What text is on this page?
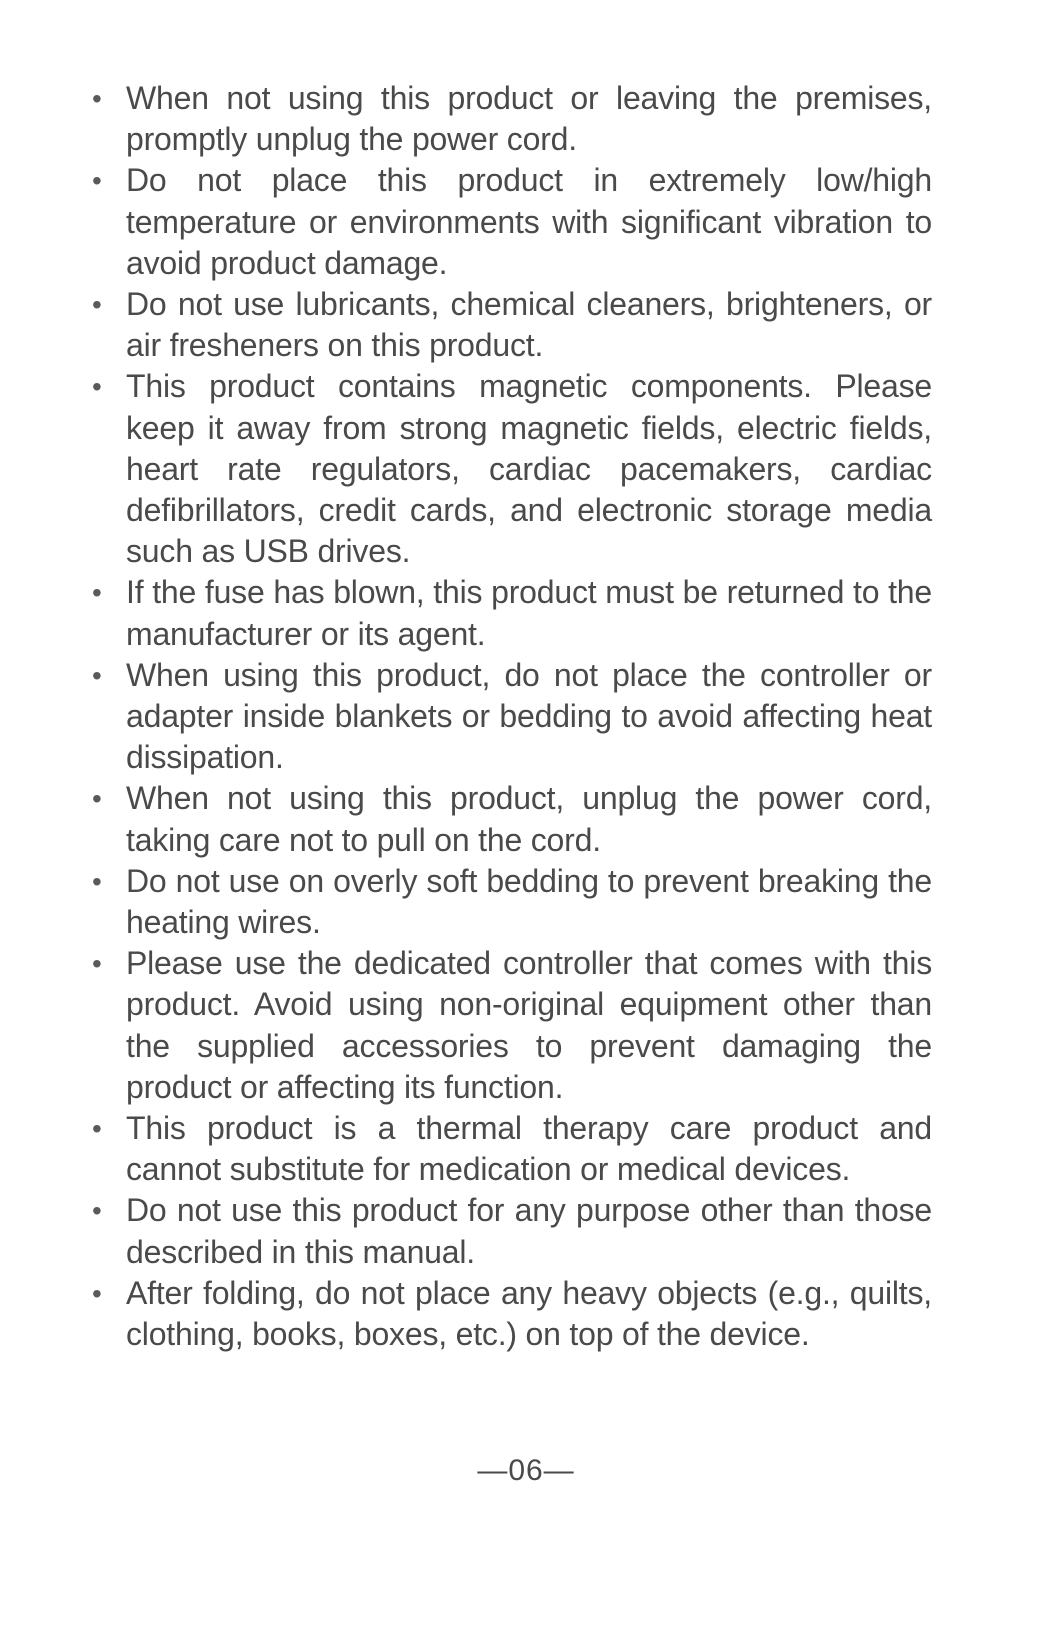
• When not using this product or leaving the premises, promptly unplug the power cord.
• Do not place this product in extremely low/high temperature or environments with significant vibration to avoid product damage.
• Do not use lubricants, chemical cleaners, brighteners, or air fresheners on this product.
• This product contains magnetic components. Please keep it away from strong magnetic fields, electric fields, heart rate regulators, cardiac pacemakers, cardiac defibrillators, credit cards, and electronic storage media such as USB drives.
• If the fuse has blown, this product must be returned to the manufacturer or its agent.
• When using this product, do not place the controller or adapter inside blankets or bedding to avoid affecting heat dissipation.
• When not using this product, unplug the power cord, taking care not to pull on the cord.
• Do not use on overly soft bedding to prevent breaking the heating wires.
• Please use the dedicated controller that comes with this product. Avoid using non-original equipment other than the supplied accessories to prevent damaging the product or affecting its function.
• This product is a thermal therapy care product and cannot substitute for medication or medical devices.
• Do not use this product for any purpose other than those described in this manual.
• After folding, do not place any heavy objects (e.g., quilts, clothing, books, boxes, etc.) on top of the device.
—06—
